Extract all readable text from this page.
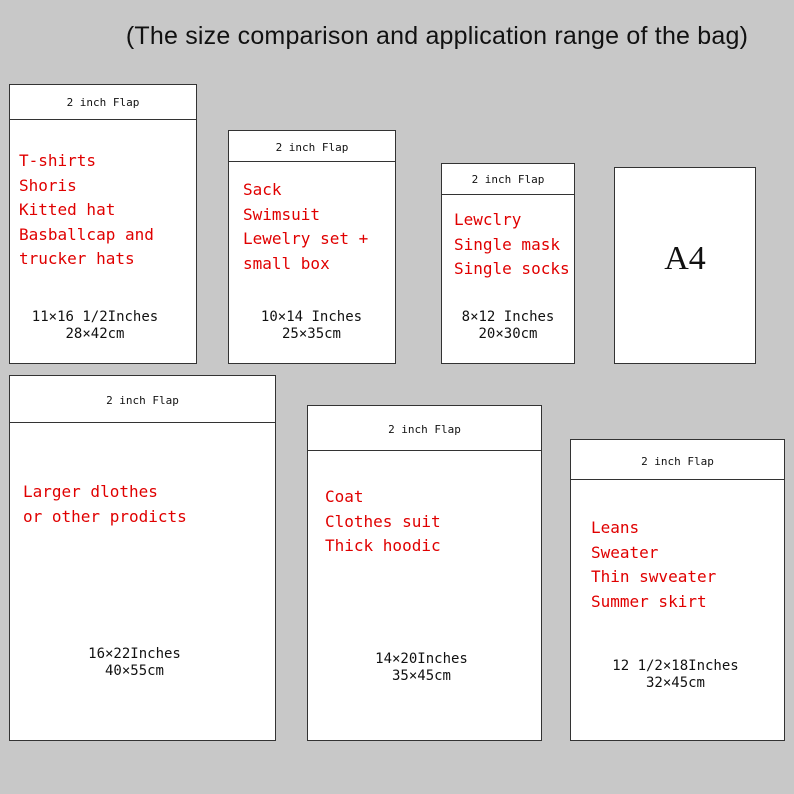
(The size comparison and application range of the bag)
2 inch Flap
T-shirts
Shoris
Kitted hat
Basballcap and
trucker hats
11×16 1/2Inches
28×42cm
2 inch Flap
Sack
Swimsuit
Lewelry set +
small box
10×14 Inches
25×35cm
2 inch Flap
Lewclry
Single mask
Single socks
8×12 Inches
20×30cm
A4
2 inch Flap
Larger dlothes
or other prodicts
16×22Inches
40×55cm
2 inch Flap
Coat
Clothes suit
Thick hoodic
14×20Inches
35×45cm
2 inch Flap
Leans
Sweater
Thin swveater
Summer skirt
12 1/2×18Inches
32×45cm
